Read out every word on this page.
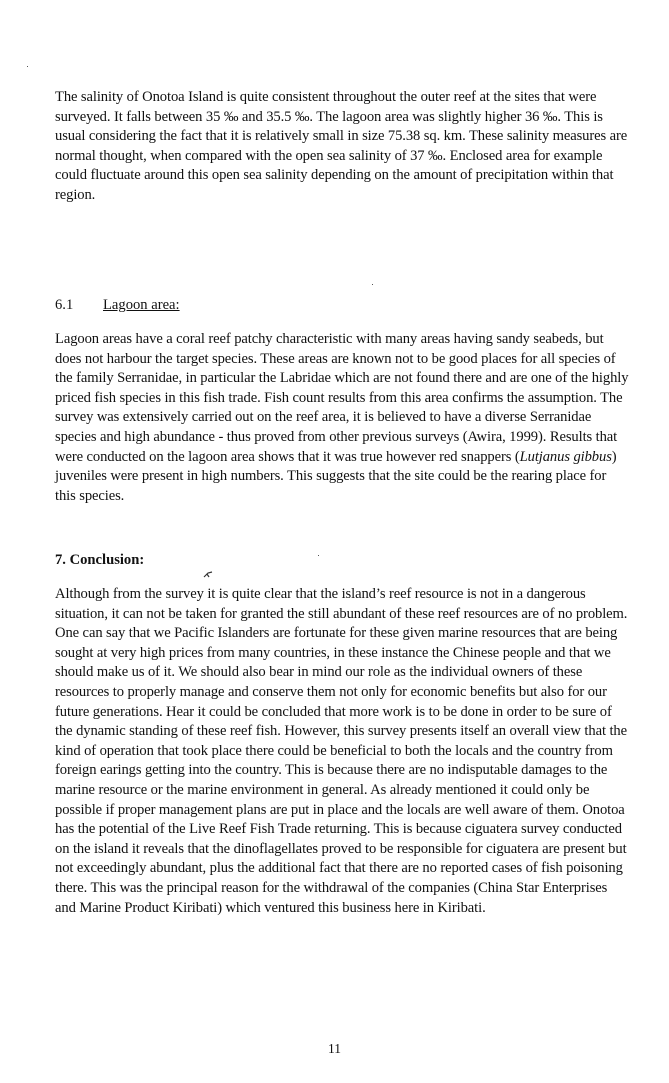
The salinity of Onotoa Island is quite consistent throughout the outer reef at the sites that were surveyed. It falls between 35 ‰ and 35.5 ‰. The lagoon area was slightly higher 36 ‰. This is usual considering the fact that it is relatively small in size 75.38 sq. km. These salinity measures are normal thought, when compared with the open sea salinity of 37 ‰. Enclosed area for example could fluctuate around this open sea salinity depending on the amount of precipitation within that region.

6.1 Lagoon area:

Lagoon areas have a coral reef patchy characteristic with many areas having sandy seabeds, but does not harbour the target species. These areas are known not to be good places for all species of the family Serranidae, in particular the Labridae which are not found there and are one of the highly priced fish species in this fish trade. Fish count results from this area confirms the assumption. The survey was extensively carried out on the reef area, it is believed to have a diverse Serranidae species and high abundance - thus proved from other previous surveys (Awira, 1999). Results that were conducted on the lagoon area shows that it was true however red snappers (Lutjanus gibbus) juveniles were present in high numbers. This suggests that the site could be the rearing place for this species.

7. Conclusion:

Although from the survey it is quite clear that the island’s reef resource is not in a dangerous situation, it can not be taken for granted the still abundant of these reef resources are of no problem. One can say that we Pacific Islanders are fortunate for these given marine resources that are being sought at very high prices from many countries, in these instance the Chinese people and that we should make us of it. We should also bear in mind our role as the individual owners of these resources to properly manage and conserve them not only for economic benefits but also for our future generations. Hear it could be concluded that more work is to be done in order to be sure of the dynamic standing of these reef fish. However, this survey presents itself an overall view that the kind of operation that took place there could be beneficial to both the locals and the country from foreign earings getting into the country. This is because there are no indisputable damages to the marine resource or the marine environment in general. As already mentioned it could only be possible if proper management plans are put in place and the locals are well aware of them. Onotoa has the potential of the Live Reef Fish Trade returning. This is because ciguatera survey conducted on the island it reveals that the dinoflagellates proved to be responsible for ciguatera are present but not exceedingly abundant, plus the additional fact that there are no reported cases of fish poisoning there. This was the principal reason for the withdrawal of the companies (China Star Enterprises and Marine Product Kiribati) which ventured this business here in Kiribati.

11
